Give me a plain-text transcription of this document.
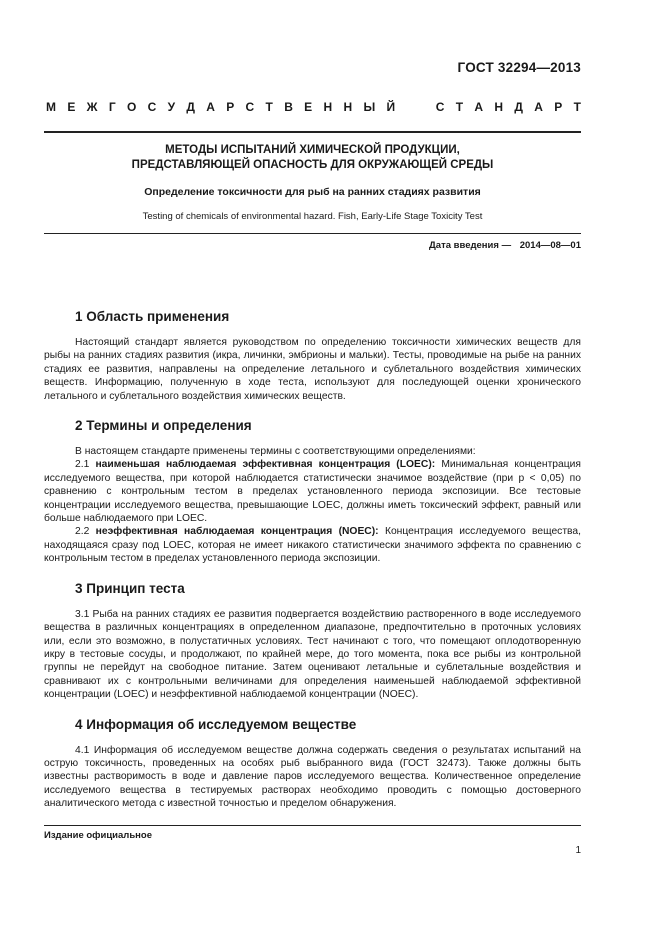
ГОСТ 32294—2013
М Е Ж Г О С У Д А Р С Т В Е Н Н Ы Й	С Т А Н Д А Р Т
МЕТОДЫ ИСПЫТАНИЙ ХИМИЧЕСКОЙ ПРОДУКЦИИ,
ПРЕДСТАВЛЯЮЩЕЙ ОПАСНОСТЬ ДЛЯ ОКРУЖАЮЩЕЙ СРЕДЫ
Определение токсичности для рыб на ранних стадиях развития
Testing of chemicals of environmental hazard. Fish, Early-Life Stage Toxicity Test
Дата введения — 2014—08—01
1 Область применения

Настоящий стандарт является руководством по определению токсичности химических веществ для рыбы на ранних стадиях развития (икра, личинки, эмбрионы и мальки). Тесты, проводимые на рыбе на ранних стадиях ее развития, направлены на определение летального и сублетального воздействия химических веществ. Информацию, полученную в ходе теста, используют для последующей оценки хронического летального и сублетального воздействия химических веществ.

2 Термины и определения

В настоящем стандарте применены термины с соответствующими определениями:

2.1 наименьшая наблюдаемая эффективная концентрация (LOEC): Минимальная концентрация исследуемого вещества, при которой наблюдается статистически значимое воздействие (при p < 0,05) по сравнению с контрольным тестом в пределах установленного периода экспозиции. Все тестовые концентрации исследуемого вещества, превышающие LOEC, должны иметь токсический эффект, равный или больше наблюдаемого при LOEC.

2.2 неэффективная наблюдаемая концентрация (NOEC): Концентрация исследуемого вещества, находящаяся сразу под LOEC, которая не имеет никакого статистически значимого эффекта по сравнению с контрольным тестом в пределах установленного периода экспозиции.

3 Принцип теста

3.1 Рыба на ранних стадиях ее развития подвергается воздействию растворенного в воде исследуемого вещества в различных концентрациях в определенном диапазоне, предпочтительно в проточных условиях или, если это возможно, в полустатичных условиях. Тест начинают с того, что помещают оплодотворенную икру в тестовые сосуды, и продолжают, по крайней мере, до того момента, пока все рыбы из контрольной группы не перейдут на свободное питание. Затем оценивают летальные и сублетальные воздействия и сравнивают их с контрольными величинами для определения наименьшей наблюдаемой эффективной концентрации (LOEC) и неэффективной наблюдаемой концентрации (NOEC).

4 Информация об исследуемом веществе

4.1 Информация об исследуемом веществе должна содержать сведения о результатах испытаний на острую токсичность, проведенных на особях рыб выбранного вида (ГОСТ 32473). Также должны быть известны растворимость в воде и давление паров исследуемого вещества. Количественное определение исследуемого вещества в тестируемых растворах необходимо проводить с помощью достоверного аналитического метода с известной точностью и пределом обнаружения.

Издание официальное
1
